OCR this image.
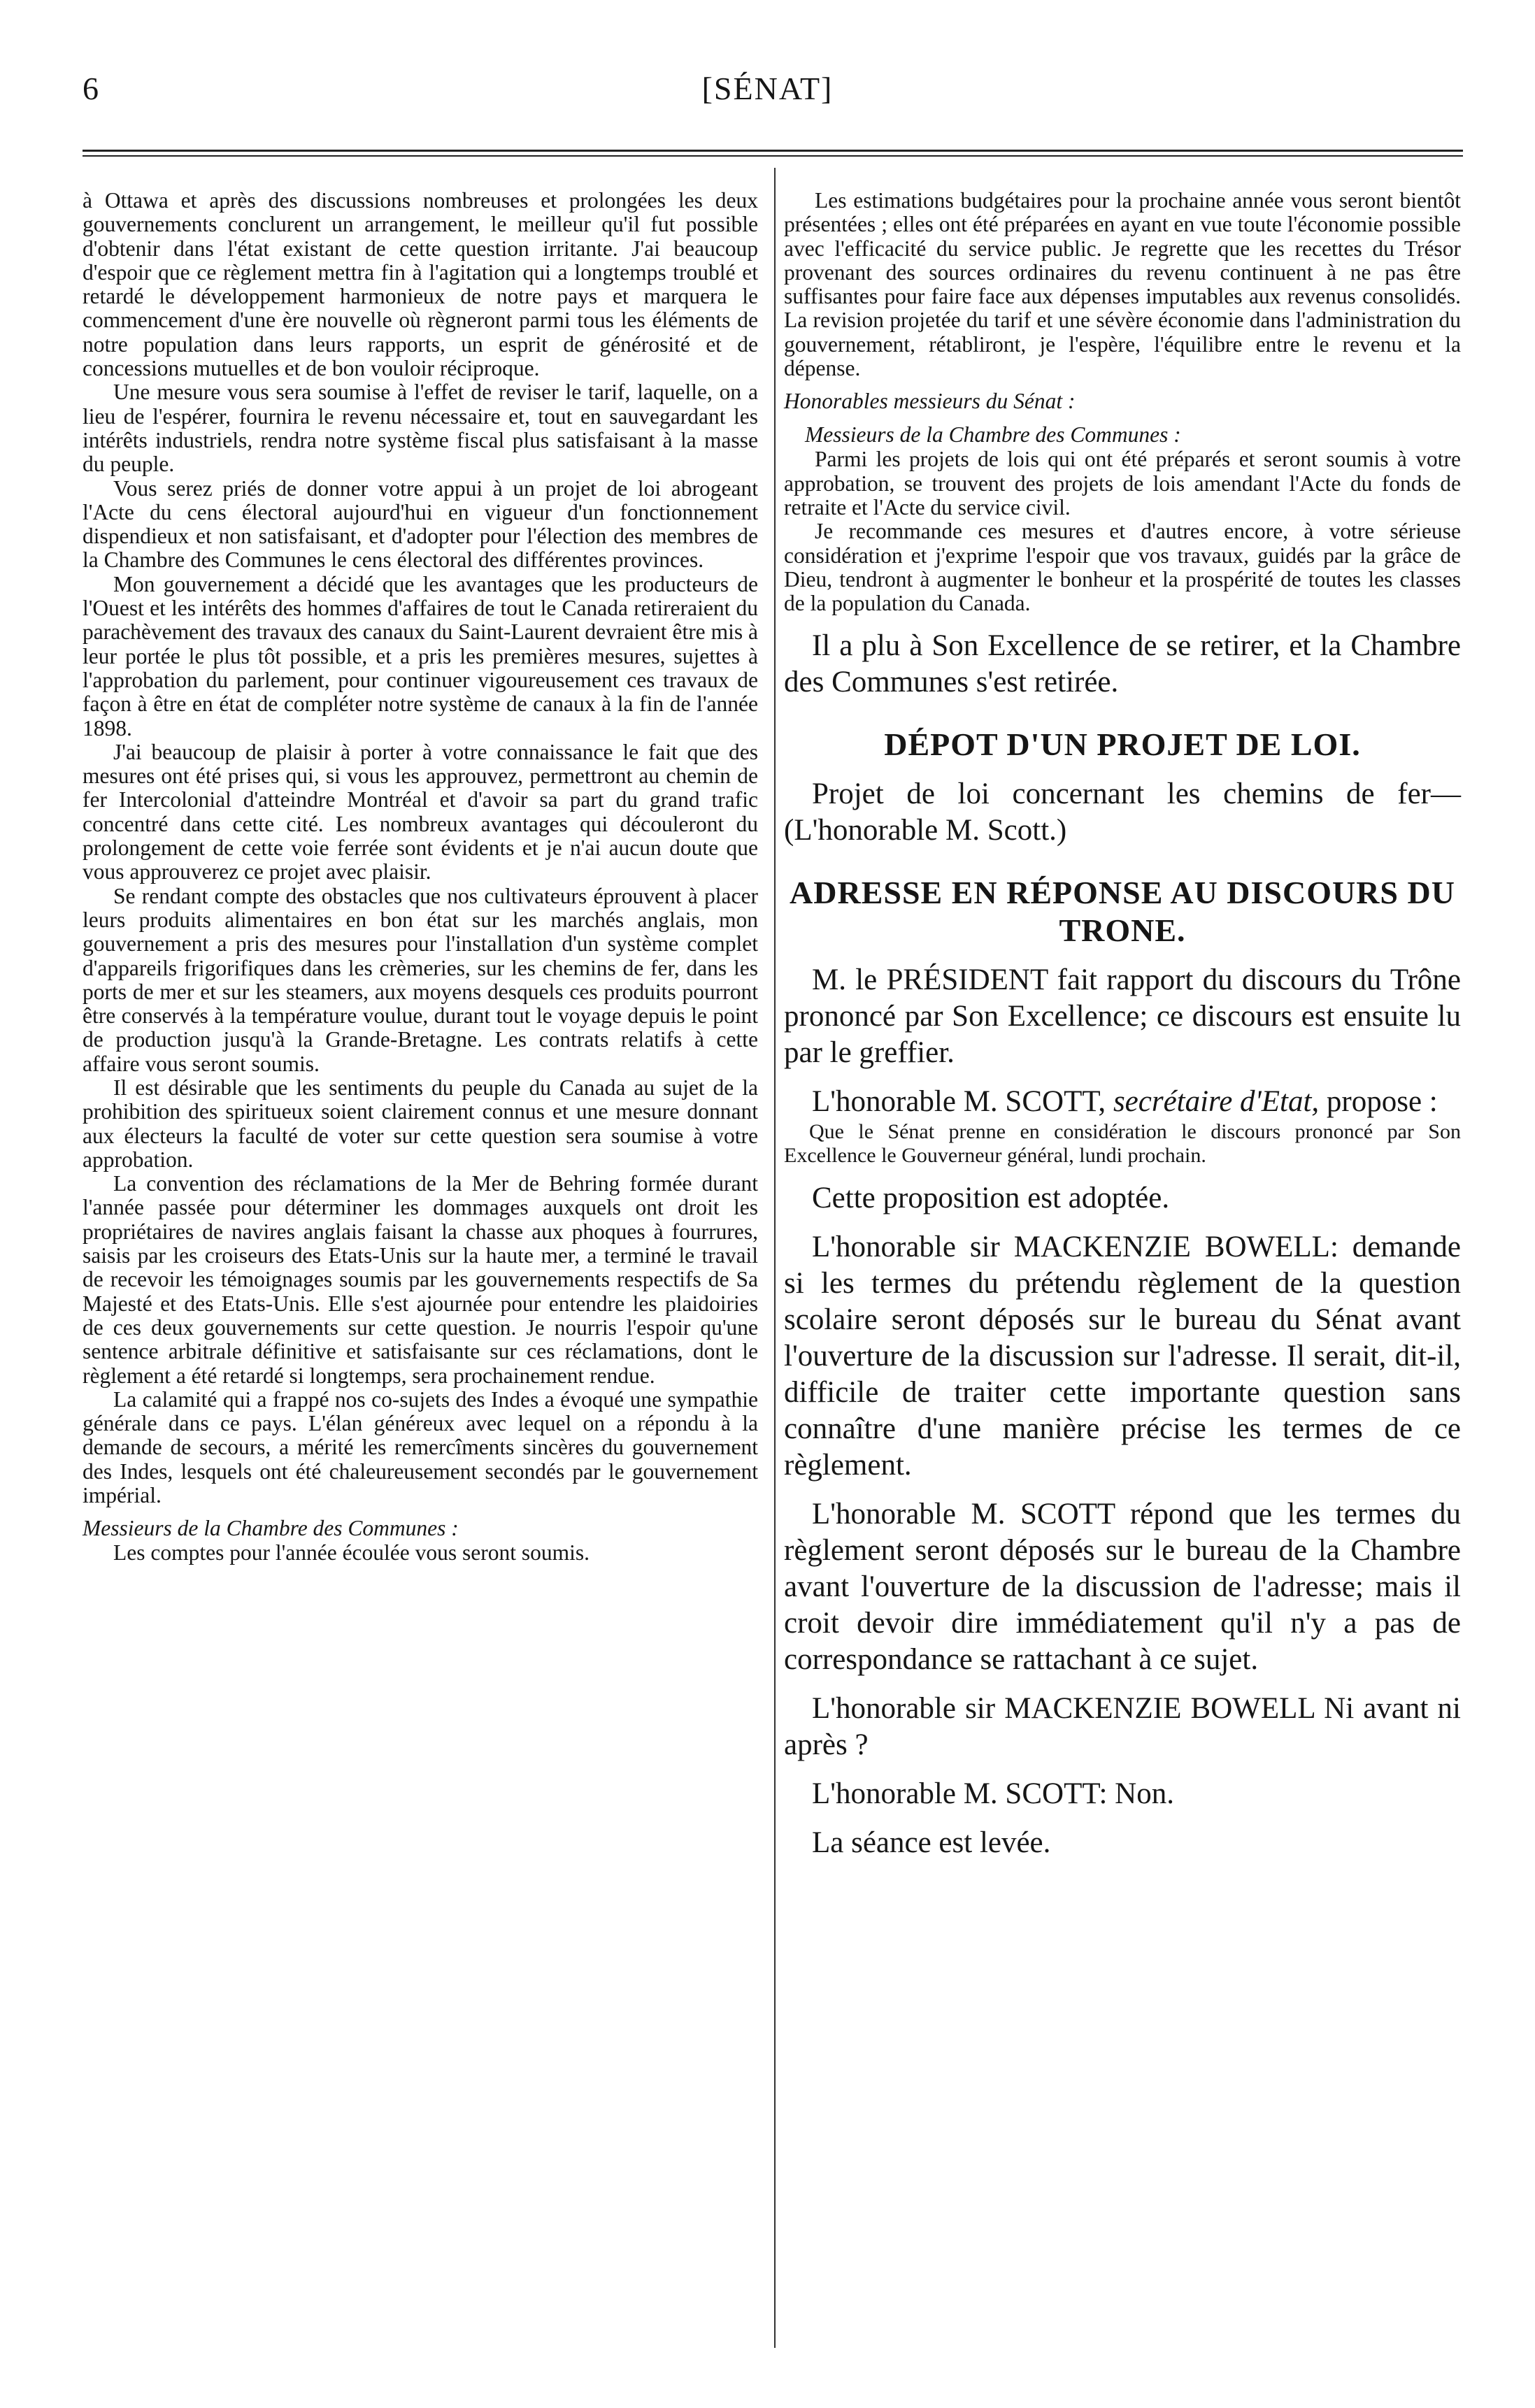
6	[SÉNAT]

à Ottawa et après des discussions nombreuses et prolongées les deux gouvernements conclurent un arrangement, le meilleur qu'il fut possible d'obtenir dans l'état existant de cette question irritante. J'ai beaucoup d'espoir que ce règlement mettra fin à l'agitation qui a longtemps troublé et retardé le développement harmonieux de notre pays et marquera le commencement d'une ère nouvelle où règneront parmi tous les éléments de notre population dans leurs rapports, un esprit de générosité et de concessions mutuelles et de bon vouloir réciproque.

Une mesure vous sera soumise à l'effet de reviser le tarif, laquelle, on a lieu de l'espérer, fournira le revenu nécessaire et, tout en sauvegardant les intérêts industriels, rendra notre système fiscal plus satisfaisant à la masse du peuple.

Vous serez priés de donner votre appui à un projet de loi abrogeant l'Acte du cens électoral aujourd'hui en vigueur d'un fonctionnement dispendieux et non satisfaisant, et d'adopter pour l'élection des membres de la Chambre des Communes le cens électoral des différentes provinces.

Mon gouvernement a décidé que les avantages que les producteurs de l'Ouest et les intérêts des hommes d'affaires de tout le Canada retireraient du parachèvement des travaux des canaux du Saint-Laurent devraient être mis à leur portée le plus tôt possible, et a pris les premières mesures, sujettes à l'approbation du parlement, pour continuer vigoureusement ces travaux de façon à être en état de compléter notre système de canaux à la fin de l'année 1898.

J'ai beaucoup de plaisir à porter à votre connaissance le fait que des mesures ont été prises qui, si vous les approuvez, permettront au chemin de fer Intercolonial d'atteindre Montréal et d'avoir sa part du grand trafic concentré dans cette cité. Les nombreux avantages qui découleront du prolongement de cette voie ferrée sont évidents et je n'ai aucun doute que vous approuverez ce projet avec plaisir.

Se rendant compte des obstacles que nos cultivateurs éprouvent à placer leurs produits alimentaires en bon état sur les marchés anglais, mon gouvernement a pris des mesures pour l'installation d'un système complet d'appareils frigorifiques dans les crèmeries, sur les chemins de fer, dans les ports de mer et sur les steamers, aux moyens desquels ces produits pourront être conservés à la température voulue, durant tout le voyage depuis le point de production jusqu'à la Grande-Bretagne. Les contrats relatifs à cette affaire vous seront soumis.

Il est désirable que les sentiments du peuple du Canada au sujet de la prohibition des spiritueux soient clairement connus et une mesure donnant aux électeurs la faculté de voter sur cette question sera soumise à votre approbation.

La convention des réclamations de la Mer de Behring formée durant l'année passée pour déterminer les dommages auxquels ont droit les propriétaires de navires anglais faisant la chasse aux phoques à fourrures, saisis par les croiseurs des Etats-Unis sur la haute mer, a terminé le travail de recevoir les témoignages soumis par les gouvernements respectifs de Sa Majesté et des Etats-Unis. Elle s'est ajournée pour entendre les plaidoiries de ces deux gouvernements sur cette question. Je nourris l'espoir qu'une sentence arbitrale définitive et satisfaisante sur ces réclamations, dont le règlement a été retardé si longtemps, sera prochainement rendue.

La calamité qui a frappé nos co-sujets des Indes a évoqué une sympathie générale dans ce pays. L'élan généreux avec lequel on a répondu à la demande de secours, a mérité les remercîments sincères du gouvernement des Indes, lesquels ont été chaleureusement secondés par le gouvernement impérial.

Messieurs de la Chambre des Communes :

Les comptes pour l'année écoulée vous seront soumis.

Les estimations budgétaires pour la prochaine année vous seront bientôt présentées ; elles ont été préparées en ayant en vue toute l'économie possible avec l'efficacité du service public. Je regrette que les recettes du Trésor provenant des sources ordinaires du revenu continuent à ne pas être suffisantes pour faire face aux dépenses imputables aux revenus consolidés. La revision projetée du tarif et une sévère économie dans l'administration du gouvernement, rétabliront, je l'espère, l'équilibre entre le revenu et la dépense.

Honorables messieurs du Sénat :
Messieurs de la Chambre des Communes :

Parmi les projets de lois qui ont été préparés et seront soumis à votre approbation, se trouvent des projets de lois amendant l'Acte du fonds de retraite et l'Acte du service civil.

Je recommande ces mesures et d'autres encore, à votre sérieuse considération et j'exprime l'espoir que vos travaux, guidés par la grâce de Dieu, tendront à augmenter le bonheur et la prospérité de toutes les classes de la population du Canada.

Il a plu à Son Excellence de se retirer, et la Chambre des Communes s'est retirée.

DÉPOT D'UN PROJET DE LOI.

Projet de loi concernant les chemins de fer—(L'honorable M. Scott.)

ADRESSE EN RÉPONSE AU DISCOURS DU TRONE.

M. le PRÉSIDENT fait rapport du discours du Trône prononcé par Son Excellence; ce discours est ensuite lu par le greffier.

L'honorable M. SCOTT, secrétaire d'Etat, propose :

Que le Sénat prenne en considération le discours prononcé par Son Excellence le Gouverneur général, lundi prochain.

Cette proposition est adoptée.

L'honorable sir MACKENZIE BOWELL: demande si les termes du prétendu règlement de la question scolaire seront déposés sur le bureau du Sénat avant l'ouverture de la discussion sur l'adresse. Il serait, dit-il, difficile de traiter cette importante question sans connaître d'une manière précise les termes de ce règlement.

L'honorable M. SCOTT répond que les termes du règlement seront déposés sur le bureau de la Chambre avant l'ouverture de la discussion de l'adresse; mais il croit devoir dire immédiatement qu'il n'y a pas de correspondance se rattachant à ce sujet.

L'honorable sir MACKENZIE BOWELL Ni avant ni après ?

L'honorable M. SCOTT: Non.

La séance est levée.
